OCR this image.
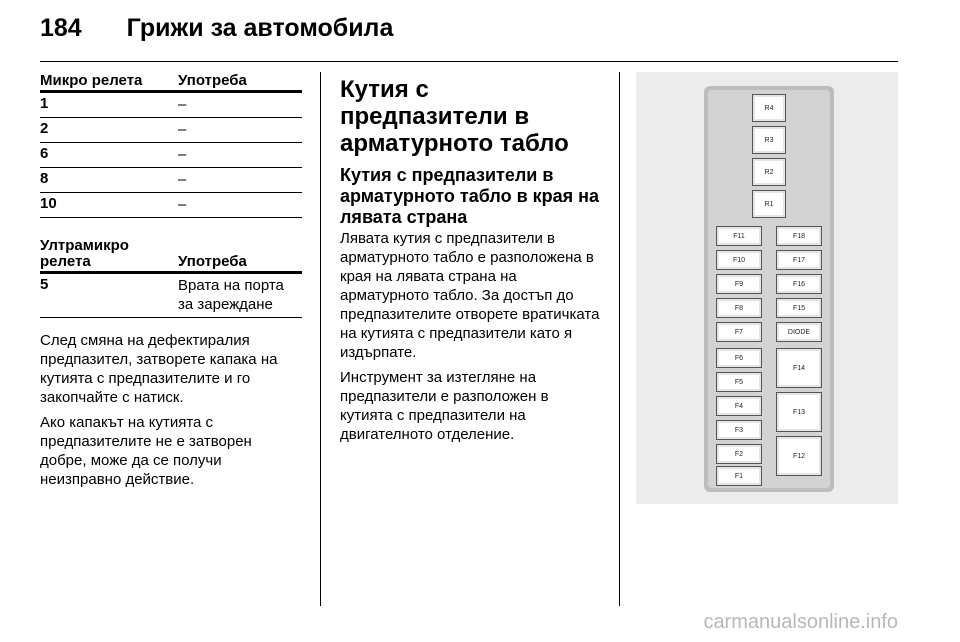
184 Грижи за автомобила
Микро релета	Употреба
1	–
2	–
6	–
8	–
10	–
Ултрамикро
релета	Употреба
5	Врата на порта
за зареждане

След смяна на дефектиралия предпазител, затворете капака на кутията с предпазителите и го закопчайте с натиск.

Ако капакът на кутията с предпазителите не е затворен добре, може да се получи неизправно действие.

Кутия с предпазители в арматурното табло
Кутия с предпазители в арматурното табло в края на лявата страна

Лявата кутия с предпазители в арматурното табло е разположена в края на лявата страна на арматурното табло. За достъп до предпазителите отворете вратичката на кутията с предпазители като я издърпате.

Инструмент за изтегляне на предпазители е разположен в кутията с предпазители на двигателното отделение.

R4
R3
R2
R1
F11
F10
F9
F8
F7
F6
F5
F4
F3
F2
F1
F18
F17
F16
F15
DIODE
F14
F13
F12
carmanualsonline.info
